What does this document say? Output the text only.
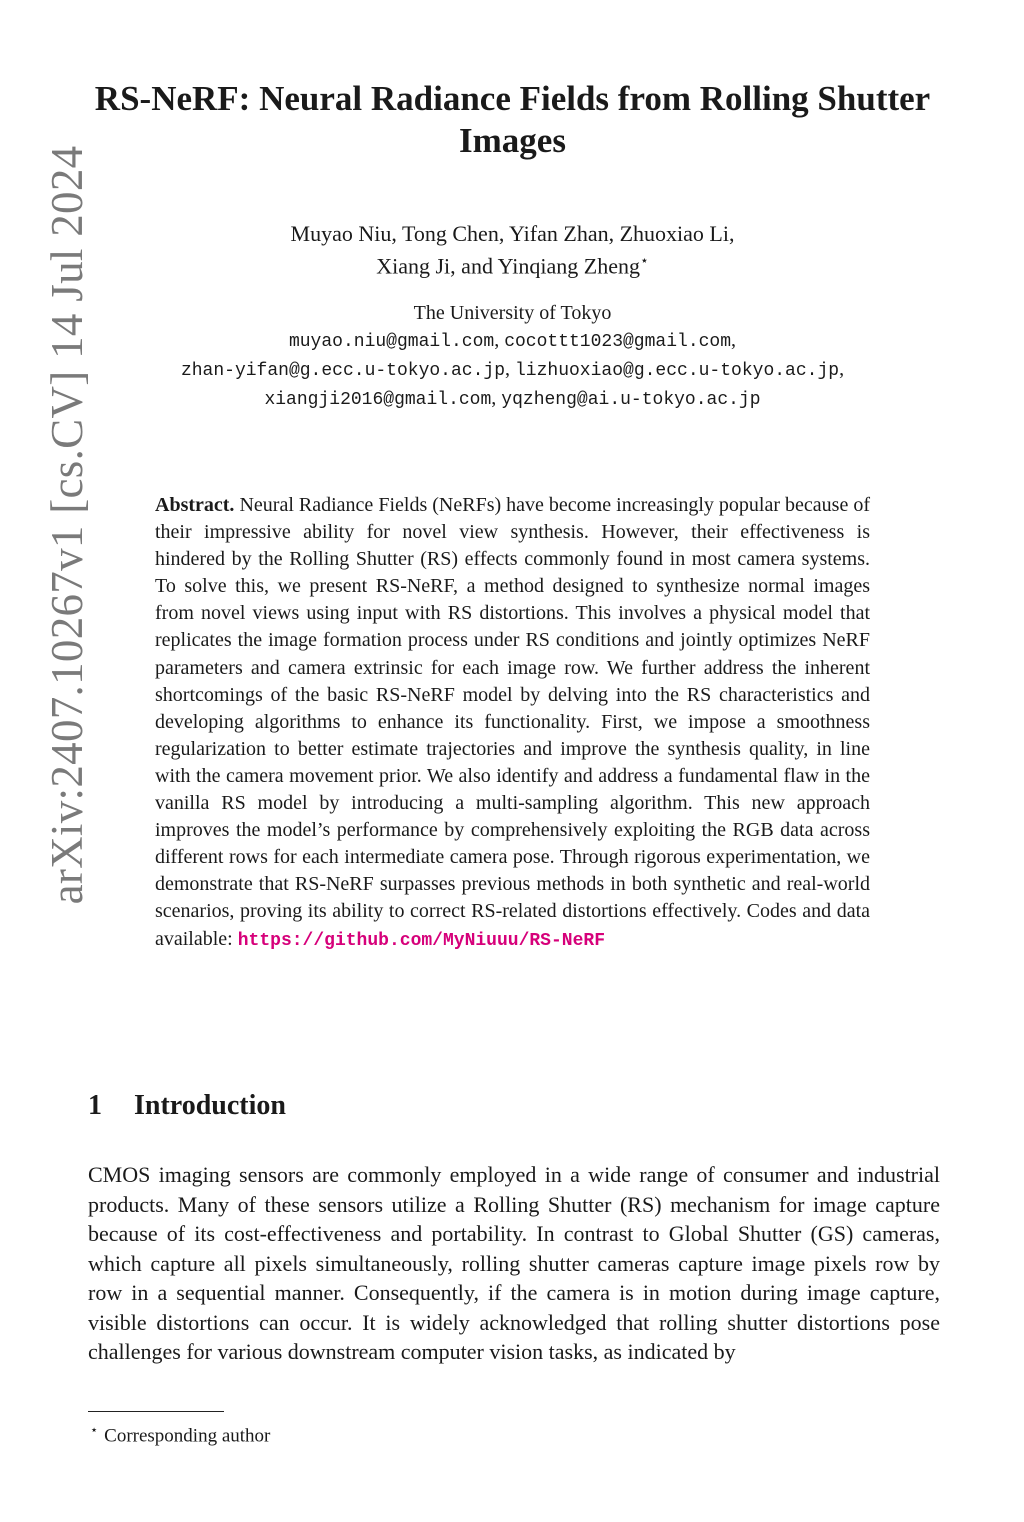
arXiv:2407.10267v1 [cs.CV] 14 Jul 2024
RS-NeRF: Neural Radiance Fields from Rolling Shutter Images
Muyao Niu, Tong Chen, Yifan Zhan, Zhuoxiao Li,
Xiang Ji, and Yinqiang Zheng⋆
The University of Tokyo
muyao.niu@gmail.com, cocottt1023@gmail.com,
zhan-yifan@g.ecc.u-tokyo.ac.jp, lizhuoxiao@g.ecc.u-tokyo.ac.jp,
xiangji2016@gmail.com, yqzheng@ai.u-tokyo.ac.jp

Abstract. Neural Radiance Fields (NeRFs) have become increasingly popular because of their impressive ability for novel view synthesis. However, their effectiveness is hindered by the Rolling Shutter (RS) effects commonly found in most camera systems. To solve this, we present RS-NeRF, a method designed to synthesize normal images from novel views using input with RS distortions. This involves a physical model that replicates the image formation process under RS conditions and jointly optimizes NeRF parameters and camera extrinsic for each image row. We further address the inherent shortcomings of the basic RS-NeRF model by delving into the RS characteristics and developing algorithms to enhance its functionality. First, we impose a smoothness regularization to better estimate trajectories and improve the synthesis quality, in line with the camera movement prior. We also identify and address a fundamental flaw in the vanilla RS model by introducing a multi-sampling algorithm. This new approach improves the model’s performance by comprehensively exploiting the RGB data across different rows for each intermediate camera pose. Through rigorous experimentation, we demonstrate that RS-NeRF surpasses previous methods in both synthetic and real-world scenarios, proving its ability to correct RS-related distortions effectively. Codes and data available: https://github.com/MyNiuuu/RS-NeRF

1 Introduction

CMOS imaging sensors are commonly employed in a wide range of consumer and industrial products. Many of these sensors utilize a Rolling Shutter (RS) mechanism for image capture because of its cost-effectiveness and portability. In contrast to Global Shutter (GS) cameras, which capture all pixels simultaneously, rolling shutter cameras capture image pixels row by row in a sequential manner. Consequently, if the camera is in motion during image capture, visible distortions can occur. It is widely acknowledged that rolling shutter distortions pose challenges for various downstream computer vision tasks, as indicated by

⋆ Corresponding author
